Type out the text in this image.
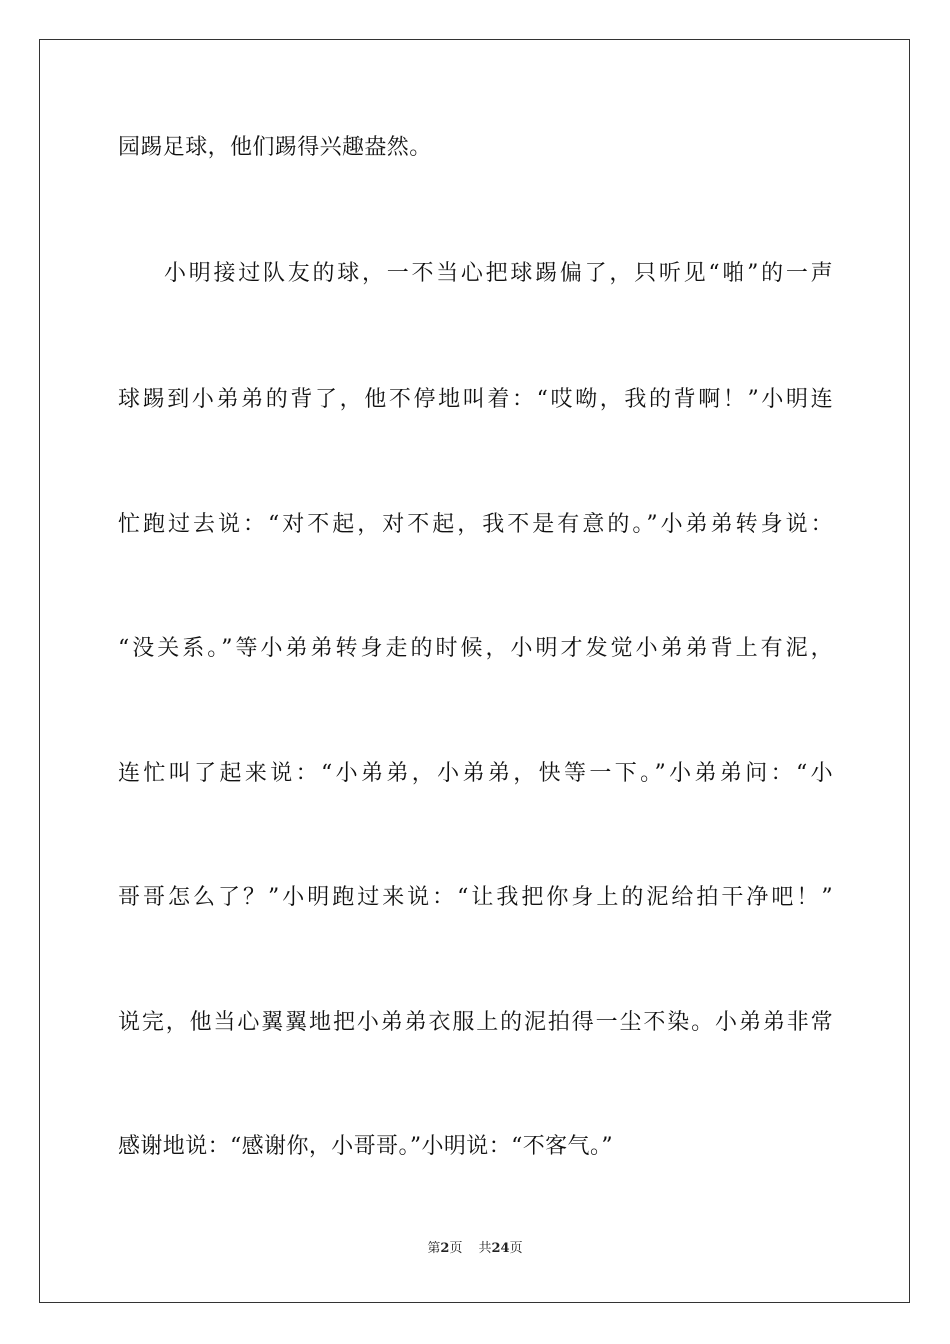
园踢足球，他们踢得兴趣盎然。
小明接过队友的球，一不当心把球踢偏了，只听见“啪”的一声
球踢到小弟弟的背了，他不停地叫着：“哎呦，我的背啊！”小明连
忙跑过去说：“对不起，对不起，我不是有意的。”小弟弟转身说：
“没关系。”等小弟弟转身走的时候，小明才发觉小弟弟背上有泥，
连忙叫了起来说：“小弟弟，小弟弟，快等一下。”小弟弟问：“小
哥哥怎么了？”小明跑过来说：“让我把你身上的泥给拍干净吧！”
说完，他当心翼翼地把小弟弟衣服上的泥拍得一尘不染。小弟弟非常
感谢地说：“感谢你，小哥哥。”小明说：“不客气。”
第2页 共24页
